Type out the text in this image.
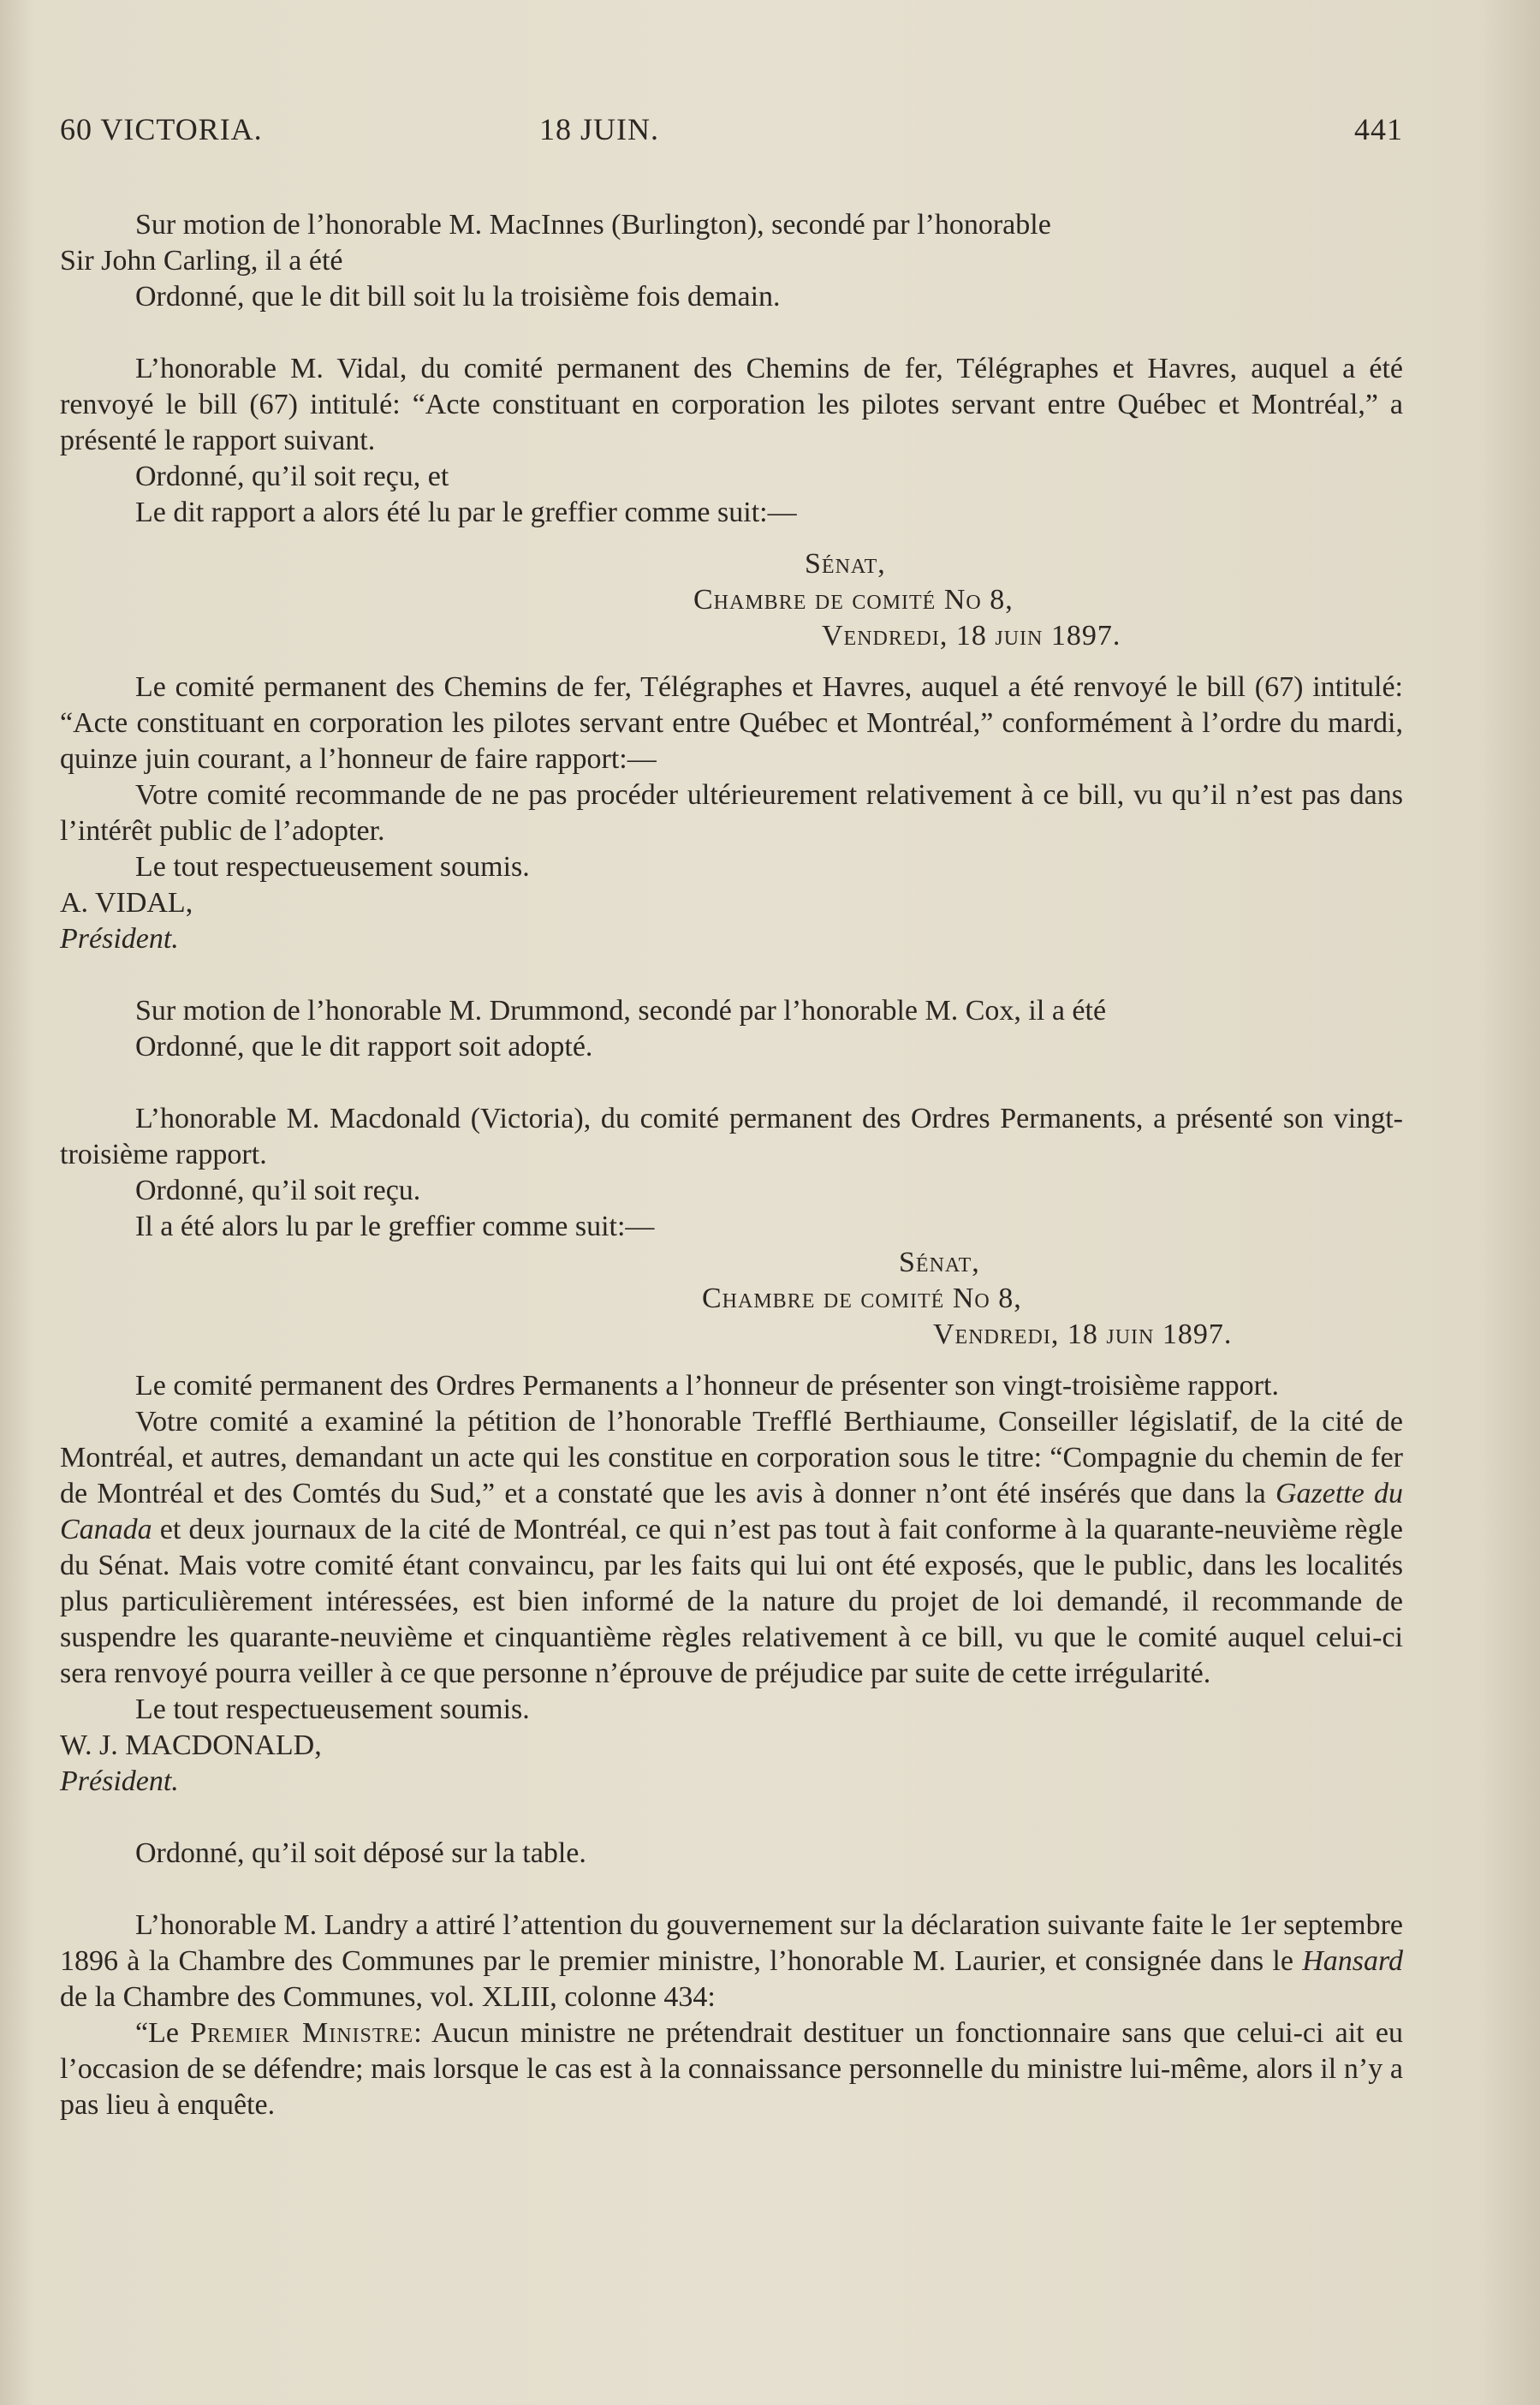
60 VICTORIA.	18 JUIN.	441

Sur motion de l’honorable M. MacInnes (Burlington), secondé par l’honorable

Sir John Carling, il a été

Ordonné, que le dit bill soit lu la troisième fois demain.

L’honorable M. Vidal, du comité permanent des Chemins de fer, Télégraphes et Havres, auquel a été renvoyé le bill (67) intitulé: “Acte constituant en corporation les pilotes servant entre Québec et Montréal,” a présenté le rapport suivant.

Ordonné, qu’il soit reçu, et

Le dit rapport a alors été lu par le greffier comme suit:—

Sénat,

Chambre de comité No 8,

Vendredi, 18 juin 1897.

Le comité permanent des Chemins de fer, Télégraphes et Havres, auquel a été renvoyé le bill (67) intitulé: “Acte constituant en corporation les pilotes servant entre Québec et Montréal,” conformément à l’ordre du mardi, quinze juin courant, a l’honneur de faire rapport:—

Votre comité recommande de ne pas procéder ultérieurement relativement à ce bill, vu qu’il n’est pas dans l’intérêt public de l’adopter.

Le tout respectueusement soumis.

A. VIDAL,

Président.

Sur motion de l’honorable M. Drummond, secondé par l’honorable M. Cox, il a été

Ordonné, que le dit rapport soit adopté.

L’honorable M. Macdonald (Victoria), du comité permanent des Ordres Permanents, a présenté son vingt-troisième rapport.

Ordonné, qu’il soit reçu.

Il a été alors lu par le greffier comme suit:—

Sénat,

Chambre de comité No 8,

Vendredi, 18 juin 1897.

Le comité permanent des Ordres Permanents a l’honneur de présenter son vingt-troisième rapport.

Votre comité a examiné la pétition de l’honorable Trefflé Berthiaume, Conseiller législatif, de la cité de Montréal, et autres, demandant un acte qui les constitue en corporation sous le titre: “Compagnie du chemin de fer de Montréal et des Comtés du Sud,” et a constaté que les avis à donner n’ont été insérés que dans la Gazette du Canada et deux journaux de la cité de Montréal, ce qui n’est pas tout à fait conforme à la quarante-neuvième règle du Sénat. Mais votre comité étant convaincu, par les faits qui lui ont été exposés, que le public, dans les localités plus particulièrement intéressées, est bien informé de la nature du projet de loi demandé, il recommande de suspendre les quarante-neuvième et cinquantième règles relativement à ce bill, vu que le comité auquel celui-ci sera renvoyé pourra veiller à ce que personne n’éprouve de préjudice par suite de cette irrégularité.

Le tout respectueusement soumis.

W. J. MACDONALD,

Président.

Ordonné, qu’il soit déposé sur la table.

L’honorable M. Landry a attiré l’attention du gouvernement sur la déclaration suivante faite le 1er septembre 1896 à la Chambre des Communes par le premier ministre, l’honorable M. Laurier, et consignée dans le Hansard de la Chambre des Communes, vol. XLIII, colonne 434:

“Le Premier Ministre: Aucun ministre ne prétendrait destituer un fonctionnaire sans que celui-ci ait eu l’occasion de se défendre; mais lorsque le cas est à la connaissance personnelle du ministre lui-même, alors il n’y a pas lieu à enquête.
